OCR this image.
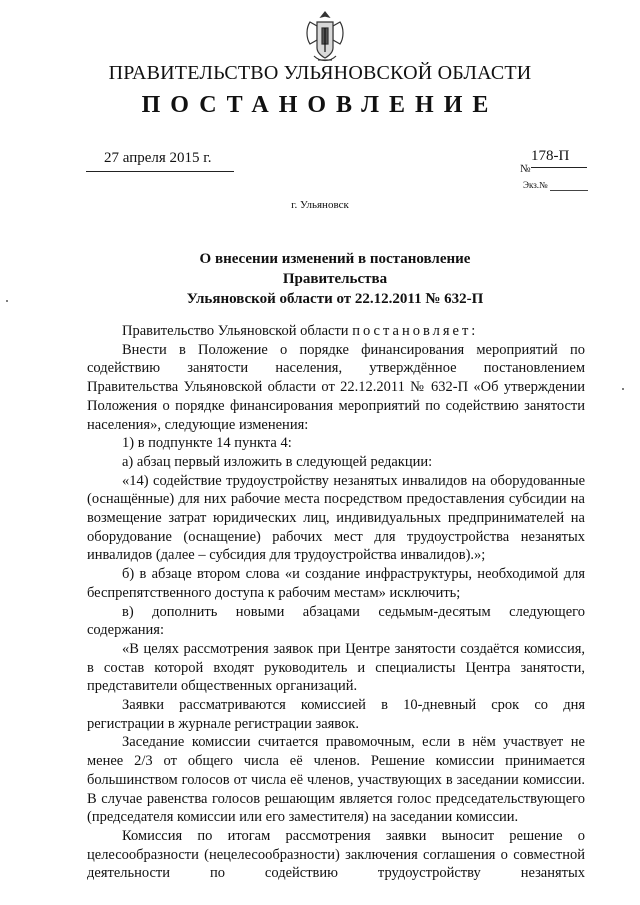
ПРАВИТЕЛЬСТВО УЛЬЯНОВСКОЙ ОБЛАСТИ
ПОСТАНОВЛЕНИЕ
27 апреля 2015 г.
№
178-П
Экз.№
г. Ульяновск
О внесении изменений в постановление Правительства
Ульяновской области от 22.12.2011 № 632-П

Правительство Ульяновской области постановляет:

Внести в Положение о порядке финансирования мероприятий по содействию занятости населения, утверждённое постановлением Правительства Ульяновской области от 22.12.2011 № 632-П «Об утверждении Положения о порядке финансирования мероприятий по содействию занятости населения», следующие изменения:

1) в подпункте 14 пункта 4:

а) абзац первый изложить в следующей редакции:

«14) содействие трудоустройству незанятых инвалидов на оборудованные (оснащённые) для них рабочие места посредством предоставления субсидии на возмещение затрат юридических лиц, индивидуальных предпринимателей на оборудование (оснащение) рабочих мест для трудоустройства незанятых инвалидов (далее – субсидия для трудоустройства инвалидов).»;

б) в абзаце втором слова «и создание инфраструктуры, необходимой для беспрепятственного доступа к рабочим местам» исключить;

в) дополнить новыми абзацами седьмым-десятым следующего содержания:

«В целях рассмотрения заявок при Центре занятости создаётся комиссия, в состав которой входят руководитель и специалисты Центра занятости, представители общественных организаций.

Заявки рассматриваются комиссией в 10-дневный срок со дня регистрации в журнале регистрации заявок.

Заседание комиссии считается правомочным, если в нём участвует не менее 2/3 от общего числа её членов. Решение комиссии принимается большинством голосов от числа её членов, участвующих в заседании комиссии. В случае равенства голосов решающим является голос председательствующего (председателя комиссии или его заместителя) на заседании комиссии.

Комиссия по итогам рассмотрения заявки выносит решение о целесообразности (нецелесообразности) заключения соглашения о совместной деятельности по содействию трудоустройству незанятых
